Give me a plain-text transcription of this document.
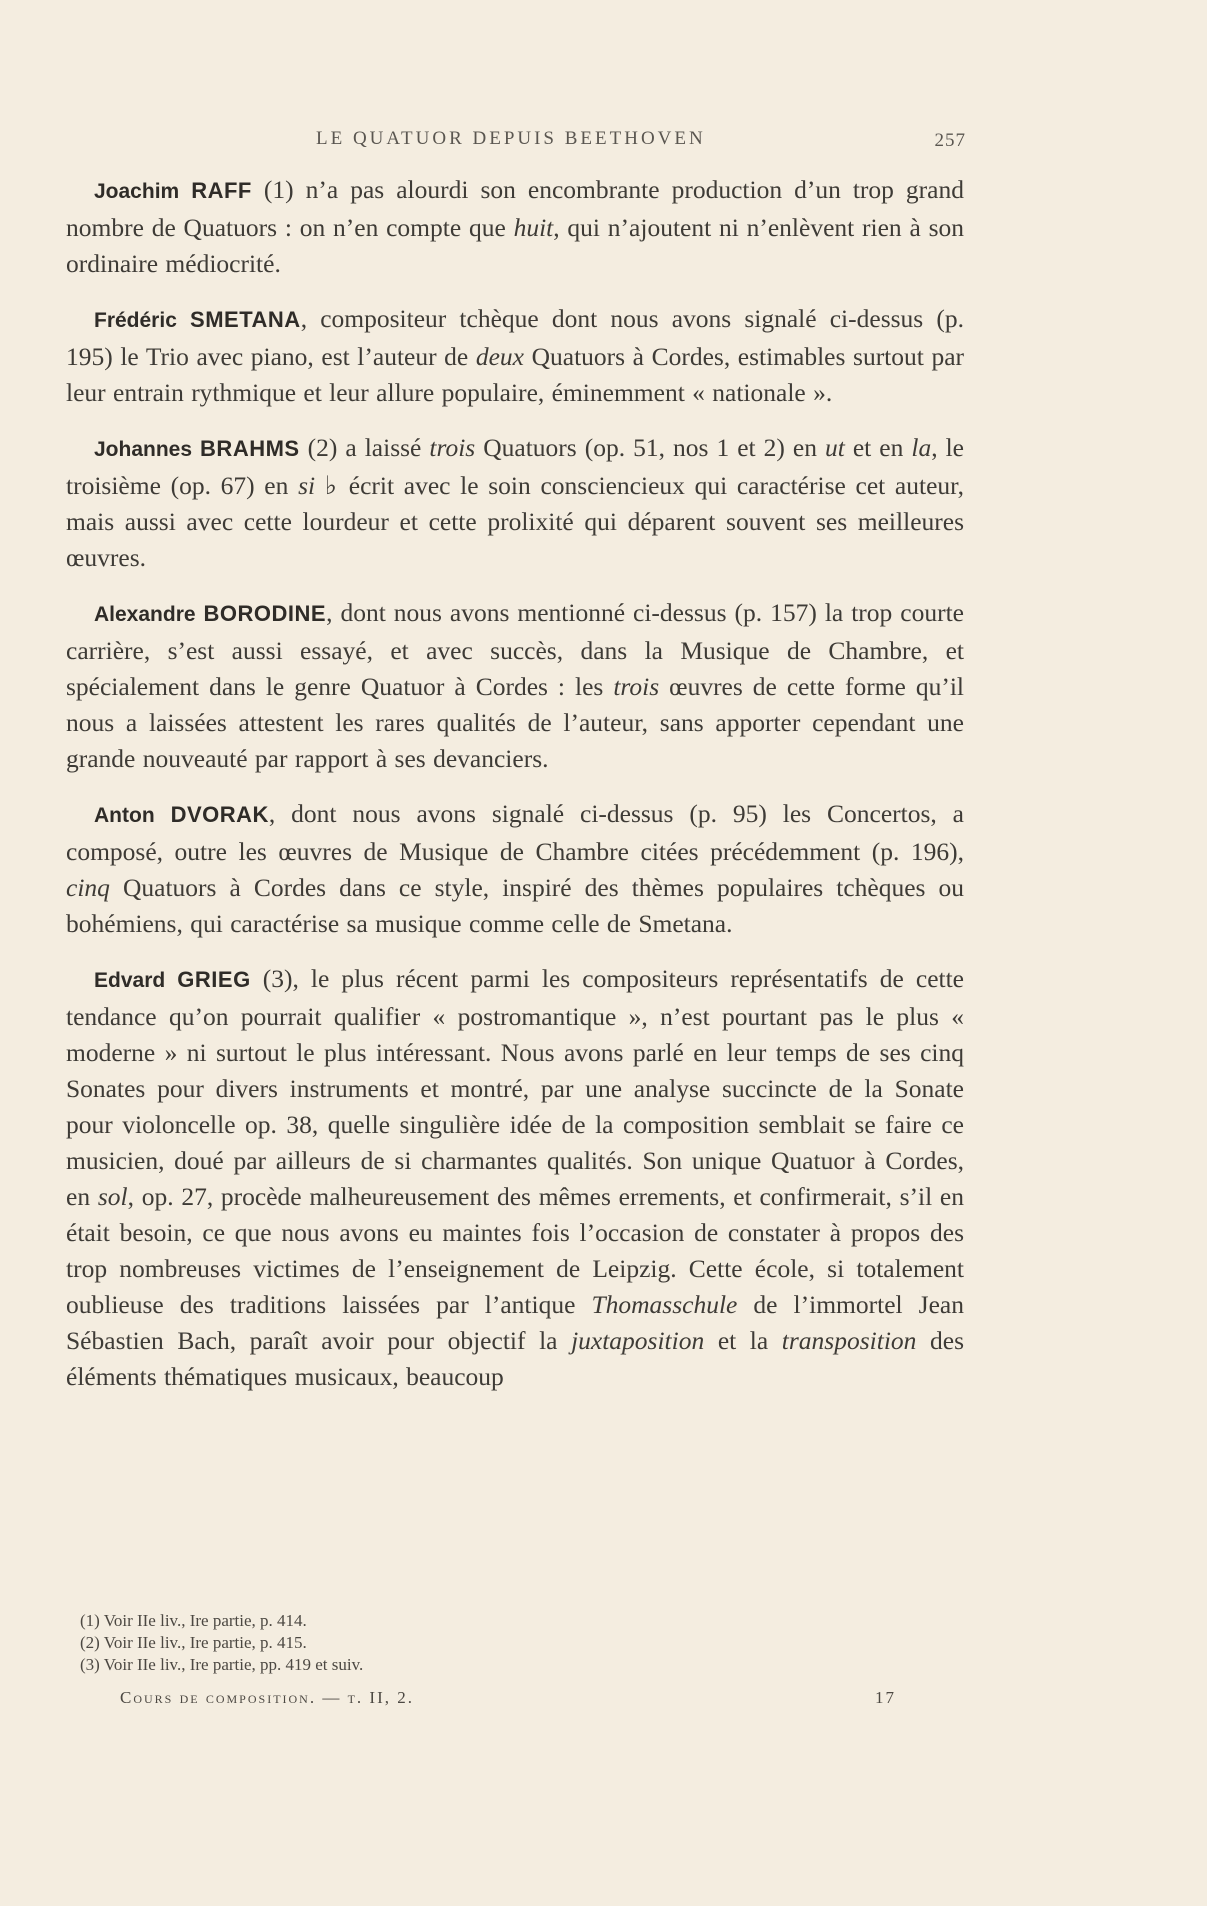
LE QUATUOR DEPUIS BEETHOVEN	257

Joachim RAFF (1) n’a pas alourdi son encombrante production d’un trop grand nombre de Quatuors : on n’en compte que huit, qui n’ajoutent ni n’enlèvent rien à son ordinaire médiocrité.

Frédéric SMETANA, compositeur tchèque dont nous avons signalé ci-dessus (p. 195) le Trio avec piano, est l’auteur de deux Quatuors à Cordes, estimables surtout par leur entrain rythmique et leur allure populaire, éminemment « nationale ».

Johannes BRAHMS (2) a laissé trois Quatuors (op. 51, nos 1 et 2) en ut et en la, le troisième (op. 67) en si ♭ écrit avec le soin consciencieux qui caractérise cet auteur, mais aussi avec cette lourdeur et cette prolixité qui déparent souvent ses meilleures œuvres.

Alexandre BORODINE, dont nous avons mentionné ci-dessus (p. 157) la trop courte carrière, s’est aussi essayé, et avec succès, dans la Musique de Chambre, et spécialement dans le genre Quatuor à Cordes : les trois œuvres de cette forme qu’il nous a laissées attestent les rares qualités de l’auteur, sans apporter cependant une grande nouveauté par rapport à ses devanciers.

Anton DVORAK, dont nous avons signalé ci-dessus (p. 95) les Concertos, a composé, outre les œuvres de Musique de Chambre citées précédemment (p. 196), cinq Quatuors à Cordes dans ce style, inspiré des thèmes populaires tchèques ou bohémiens, qui caractérise sa musique comme celle de Smetana.

Edvard GRIEG (3), le plus récent parmi les compositeurs représentatifs de cette tendance qu’on pourrait qualifier « postromantique », n’est pourtant pas le plus « moderne » ni surtout le plus intéressant. Nous avons parlé en leur temps de ses cinq Sonates pour divers instruments et montré, par une analyse succincte de la Sonate pour violoncelle op. 38, quelle singulière idée de la composition semblait se faire ce musicien, doué par ailleurs de si charmantes qualités. Son unique Quatuor à Cordes, en sol, op. 27, procède malheureusement des mêmes errements, et confirmerait, s’il en était besoin, ce que nous avons eu maintes fois l’occasion de constater à propos des trop nombreuses victimes de l’enseignement de Leipzig. Cette école, si totalement oublieuse des traditions laissées par l’antique Thomasschule de l’immortel Jean Sébastien Bach, paraît avoir pour objectif la juxtaposition et la transposition des éléments thématiques musicaux, beaucoup

(1) Voir IIe liv., Ire partie, p. 414.

(2) Voir IIe liv., Ire partie, p. 415.

(3) Voir IIe liv., Ire partie, pp. 419 et suiv.

Cours de composition. — t. II, 2.	17
